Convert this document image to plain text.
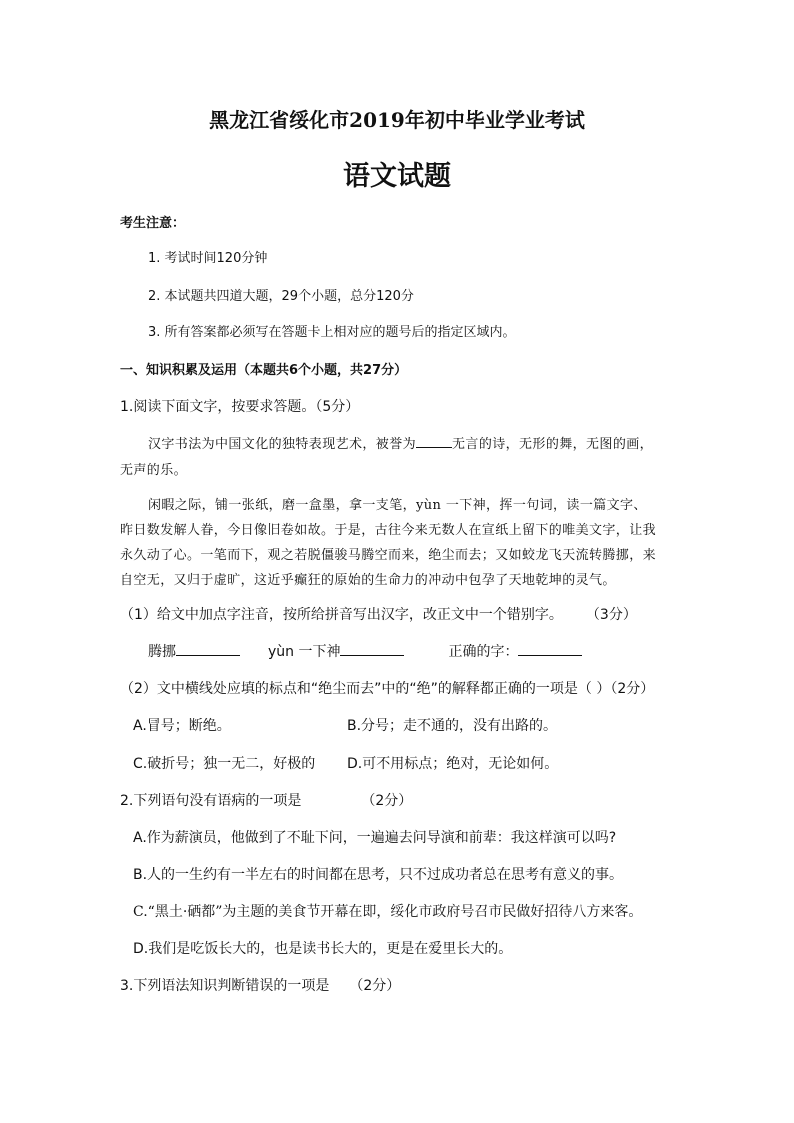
黑龙江省绥化市2019年初中毕业学业考试
语文试题
考生注意：
1. 考试时间120分钟
2. 本试题共四道大题，29个小题，总分120分
3. 所有答案都必须写在答题卡上相对应的题号后的指定区域内。
一、知识积累及运用（本题共6个小题，共27分）
1.阅读下面文字，按要求答题。（5分）
汉字书法为中国文化的独特表现艺术，被誉为	无言的诗，无形的舞，无图的画，
无声的乐。
闲暇之际，铺一张纸，磨一盒墨，拿一支笔，yùn 一下神，挥一句词，读一篇文字、
昨日数发解人眷，今日像旧卷如故。于是，古往今来无数人在宣纸上留下的唯美文字，让我
永久动了心。一笔而下，观之若脱僵骏马腾空而来，绝尘而去；又如蛟龙飞天流转腾挪，来
自空无，又归于虚旷，这近乎癫狂的原始的生命力的冲动中包孕了天地乾坤的灵气。
（1）给文中加点字注音，按所给拼音写出汉字，改正文中一个错别字。 （3分）
腾挪	yùn 一下神	正确的字：
（2）文中横线处应填的标点和“绝尘而去”中的“绝”的解释都正确的一项是（ ）（2分）
A.冒号；断绝。	B.分号；走不通的，没有出路的。
C.破折号；独一无二，好极的 D.可不用标点；绝对，无论如何。
2.下列语句没有语病的一项是	（2分）
A.作为薪演员，他做到了不耻下问，一遍遍去问导演和前辈：我这样演可以吗?
B.人的一生约有一半左右的时间都在思考，只不过成功者总在思考有意义的事。
C.“黑土·硒都”为主题的美食节开幕在即，绥化市政府号召市民做好招待八方来客。
D.我们是吃饭长大的，也是读书长大的，更是在爱里长大的。
3.下列语法知识判断错误的一项是 （2分）
